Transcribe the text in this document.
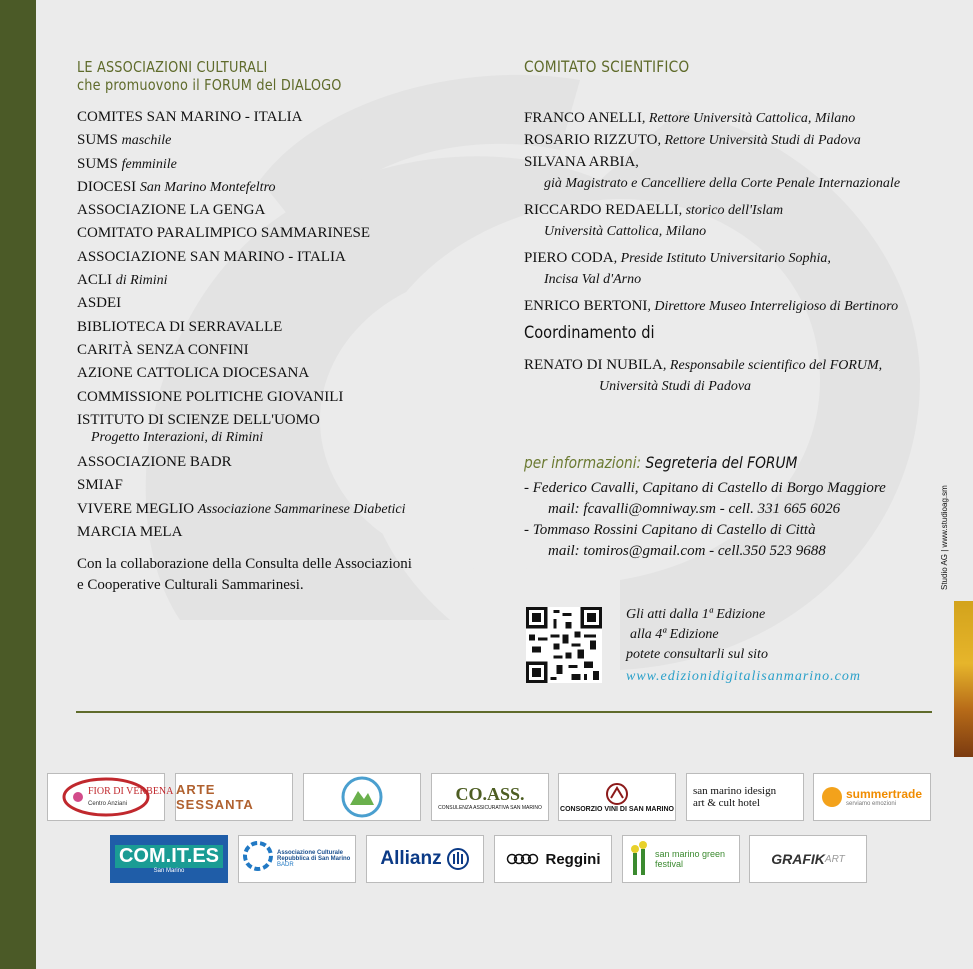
LE ASSOCIAZIONI CULTURALI
che promuovono il FORUM del DIALOGO
COMITES SAN MARINO - ITALIA
SUMS maschile
SUMS femminile
DIOCESI San Marino Montefeltro
ASSOCIAZIONE LA GENGA
COMITATO PARALIMPICO SAMMARINESE
ASSOCIAZIONE SAN MARINO - ITALIA
ACLI di Rimini
ASDEI
BIBLIOTECA DI SERRAVALLE
CARITÀ SENZA CONFINI
AZIONE CATTOLICA DIOCESANA
COMMISSIONE POLITICHE GIOVANILI
ISTITUTO DI SCIENZE DELL'UOMO
Progetto Interazioni, di Rimini
ASSOCIAZIONE BADR
SMIAF
VIVERE MEGLIO Associazione Sammarinese Diabetici
MARCIA MELA
Con la collaborazione della Consulta delle Associazioni
e Cooperative Culturali Sammarinesi.
COMITATO SCIENTIFICO
FRANCO ANELLI, Rettore Università Cattolica, Milano
ROSARIO RIZZUTO, Rettore Università Studi di Padova
SILVANA ARBIA,
già Magistrato e Cancelliere della Corte Penale Internazionale
RICCARDO REDAELLI, storico dell'Islam
Università Cattolica, Milano
PIERO CODA, Preside Istituto Universitario Sophia,
Incisa Val d'Arno
ENRICO BERTONI, Direttore Museo Interreligioso di Bertinoro
Coordinamento di
RENATO DI NUBILA, Responsabile scientifico del FORUM,
Università Studi di Padova
per informazioni: Segreteria del FORUM
- Federico Cavalli, Capitano di Castello di Borgo Maggiore
mail: fcavalli@omniway.sm - cell. 331 665 6026
- Tommaso Rossini Capitano di Castello di Città
mail: tomiros@gmail.com - cell.350 523 9688
Gli atti dalla 1ª Edizione
alla 4ª Edizione
potete consultarli sul sito
www.edizionidigitalisanmarino.com
Studio AG | www.studioag.sm
FIOR DI VERBENA
Centro Anziani
ARTE SESSANTA
CO.ASS.
CONSULENZA ASSICURATIVA SAN MARINO	CONSORZIO VINI DI SAN MARINO
san marino idesign
art & cult hotel
summertrade
serviamo emozioni
COM.IT.ES
San Marino
Associazione Culturale Repubblica di San Marino
BADR	Allianz	Reggini	san marino green festival	GRAFIK ART
